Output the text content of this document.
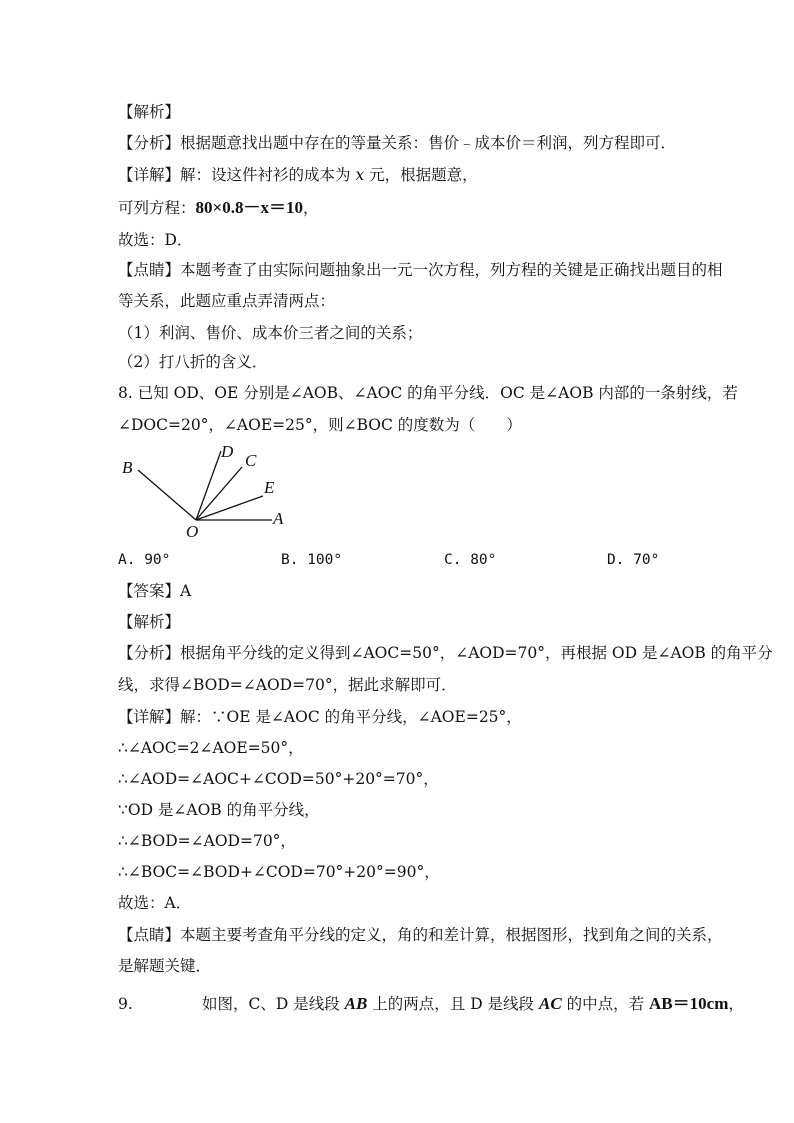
【解析】
【分析】根据题意找出题中存在的等量关系：售价﹣成本价＝利润，列方程即可．
【详解】解：设这件衬衫的成本为 x 元，根据题意，
可列方程：80×0.8－x＝10，
故选：D．
【点睛】本题考查了由实际问题抽象出一元一次方程，列方程的关键是正确找出题目的相
等关系，此题应重点弄清两点：
（1）利润、售价、成本价三者之间的关系；
（2）打八折的含义．
8. 已知 OD、OE 分别是∠AOB、∠AOC 的角平分线．OC 是∠AOB 内部的一条射线，若
∠DOC=20°，∠AOE=25°，则∠BOC 的度数为（　　）
B
D C
E
A
O
A. 90°	B. 100°	C. 80°	D. 70°
【答案】A
【解析】
【分析】根据角平分线的定义得到∠AOC=50°，∠AOD=70°，再根据 OD 是∠AOB 的角平分
线，求得∠BOD=∠AOD=70°，据此求解即可．
【详解】解：∵OE 是∠AOC 的角平分线，∠AOE=25°，
∴∠AOC=2∠AOE=50°，
∴∠AOD=∠AOC+∠COD=50°+20°=70°，
∵OD 是∠AOB 的角平分线，
∴∠BOD=∠AOD=70°，
∴∠BOC=∠BOD+∠COD=70°+20°=90°，
故选：A．
【点睛】本题主要考查角平分线的定义，角的和差计算，根据图形，找到角之间的关系，
是解题关键．
9.	如图，C、D 是线段 AB 上的两点，且 D 是线段 AC 的中点，若 AB＝10cm，
